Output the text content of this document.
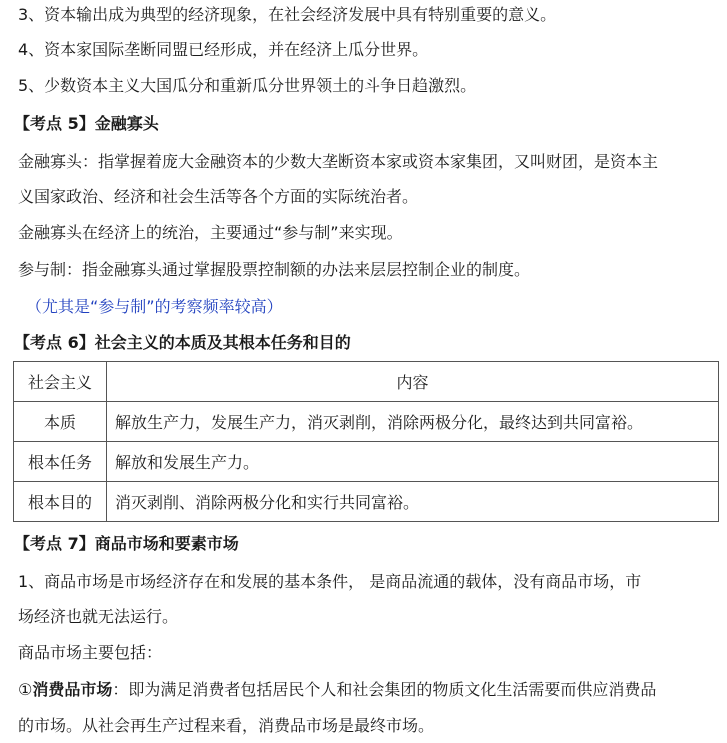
3、资本输出成为典型的经济现象，在社会经济发展中具有特别重要的意义。
4、资本家国际垄断同盟已经形成，并在经济上瓜分世界。
5、少数资本主义大国瓜分和重新瓜分世界领土的斗争日趋激烈。
【考点 5】金融寡头
金融寡头：指掌握着庞大金融资本的少数大垄断资本家或资本家集团，又叫财团，是资本主
义国家政治、经济和社会生活等各个方面的实际统治者。
金融寡头在经济上的统治，主要通过“参与制”来实现。
参与制：指金融寡头通过掌握股票控制额的办法来层层控制企业的制度。
（尤其是“参与制”的考察频率较高）
【考点 6】社会主义的本质及其根本任务和目的
社会主义	内容
本质	解放生产力，发展生产力，消灭剥削，消除两极分化，最终达到共同富裕。
根本任务	解放和发展生产力。
根本目的	消灭剥削、消除两极分化和实行共同富裕。
【考点 7】商品市场和要素市场
1、商品市场是市场经济存在和发展的基本条件， 是商品流通的载体，没有商品市场，市
场经济也就无法运行。
商品市场主要包括：
①消费品市场：即为满足消费者包括居民个人和社会集团的物质文化生活需要而供应消费品
的市场。从社会再生产过程来看，消费品市场是最终市场。
